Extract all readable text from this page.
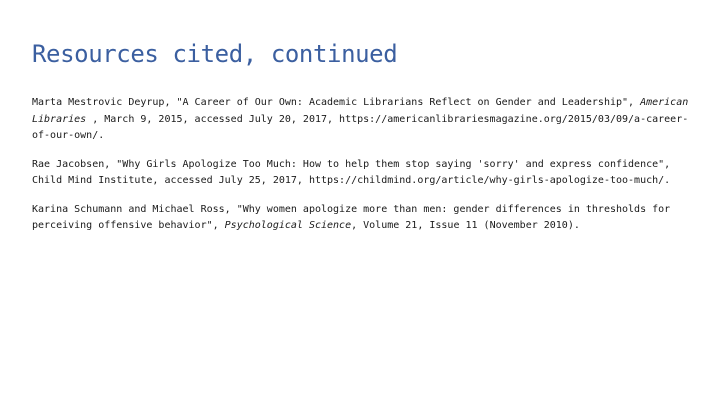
Resources cited, continued

Marta Mestrovic Deyrup, "A Career of Our Own: Academic Librarians Reflect on Gender and Leadership", American Libraries , March 9, 2015, accessed July 20, 2017, https://americanlibrariesmagazine.org/2015/03/09/a-career-of-our-own/.

Rae Jacobsen, "Why Girls Apologize Too Much: How to help them stop saying 'sorry' and express confidence", Child Mind Institute, accessed July 25, 2017, https://childmind.org/article/why-girls-apologize-too-much/.

Karina Schumann and Michael Ross, "Why women apologize more than men: gender differences in thresholds for perceiving offensive behavior", Psychological Science, Volume 21, Issue 11 (November 2010).
